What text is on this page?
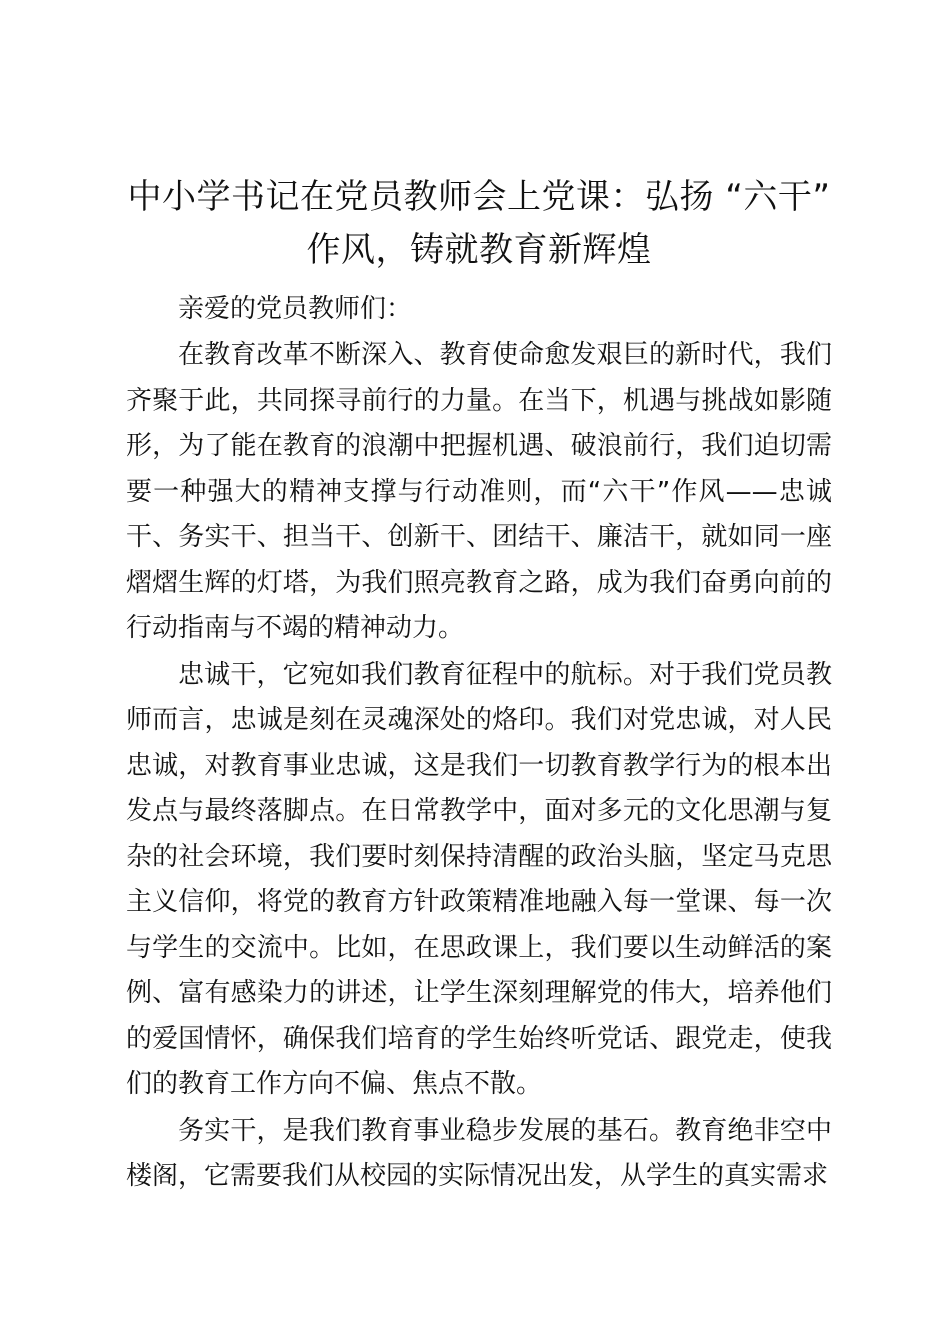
中小学书记在党员教师会上党课：弘扬 “六干” 作风，铸就教育新辉煌

亲爱的党员教师们：

在教育改革不断深入、教育使命愈发艰巨的新时代，我们齐聚于此，共同探寻前行的力量。在当下，机遇与挑战如影随形，为了能在教育的浪潮中把握机遇、破浪前行，我们迫切需要一种强大的精神支撑与行动准则，而“六干”作风——忠诚干、务实干、担当干、创新干、团结干、廉洁干，就如同一座熠熠生辉的灯塔，为我们照亮教育之路，成为我们奋勇向前的行动指南与不竭的精神动力。

忠诚干，它宛如我们教育征程中的航标。对于我们党员教师而言，忠诚是刻在灵魂深处的烙印。我们对党忠诚，对人民忠诚，对教育事业忠诚，这是我们一切教育教学行为的根本出发点与最终落脚点。在日常教学中，面对多元的文化思潮与复杂的社会环境，我们要时刻保持清醒的政治头脑，坚定马克思主义信仰，将党的教育方针政策精准地融入每一堂课、每一次与学生的交流中。比如，在思政课上，我们要以生动鲜活的案例、富有感染力的讲述，让学生深刻理解党的伟大，培养他们的爱国情怀，确保我们培育的学生始终听党话、跟党走，使我们的教育工作方向不偏、焦点不散。

务实干，是我们教育事业稳步发展的基石。教育绝非空中楼阁，它需要我们从校园的实际情况出发，从学生的真实需求
